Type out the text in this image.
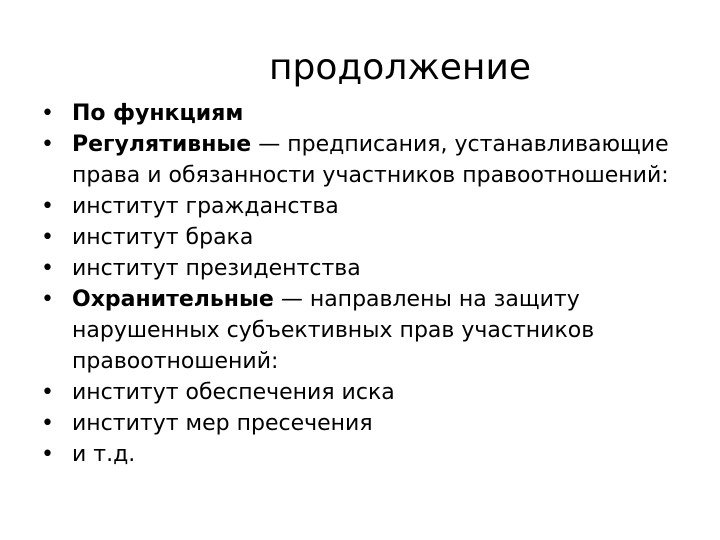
продолжение
• По функциям
• Регулятивные — предписания, устанавливающие права и обязанности участников правоотношений:
• институт гражданства
• институт брака
• институт президентства
• Охранительные — направлены на защиту нарушенных субъективных прав участников правоотношений:
• институт обеспечения иска
• институт мер пресечения
• и т.д.
